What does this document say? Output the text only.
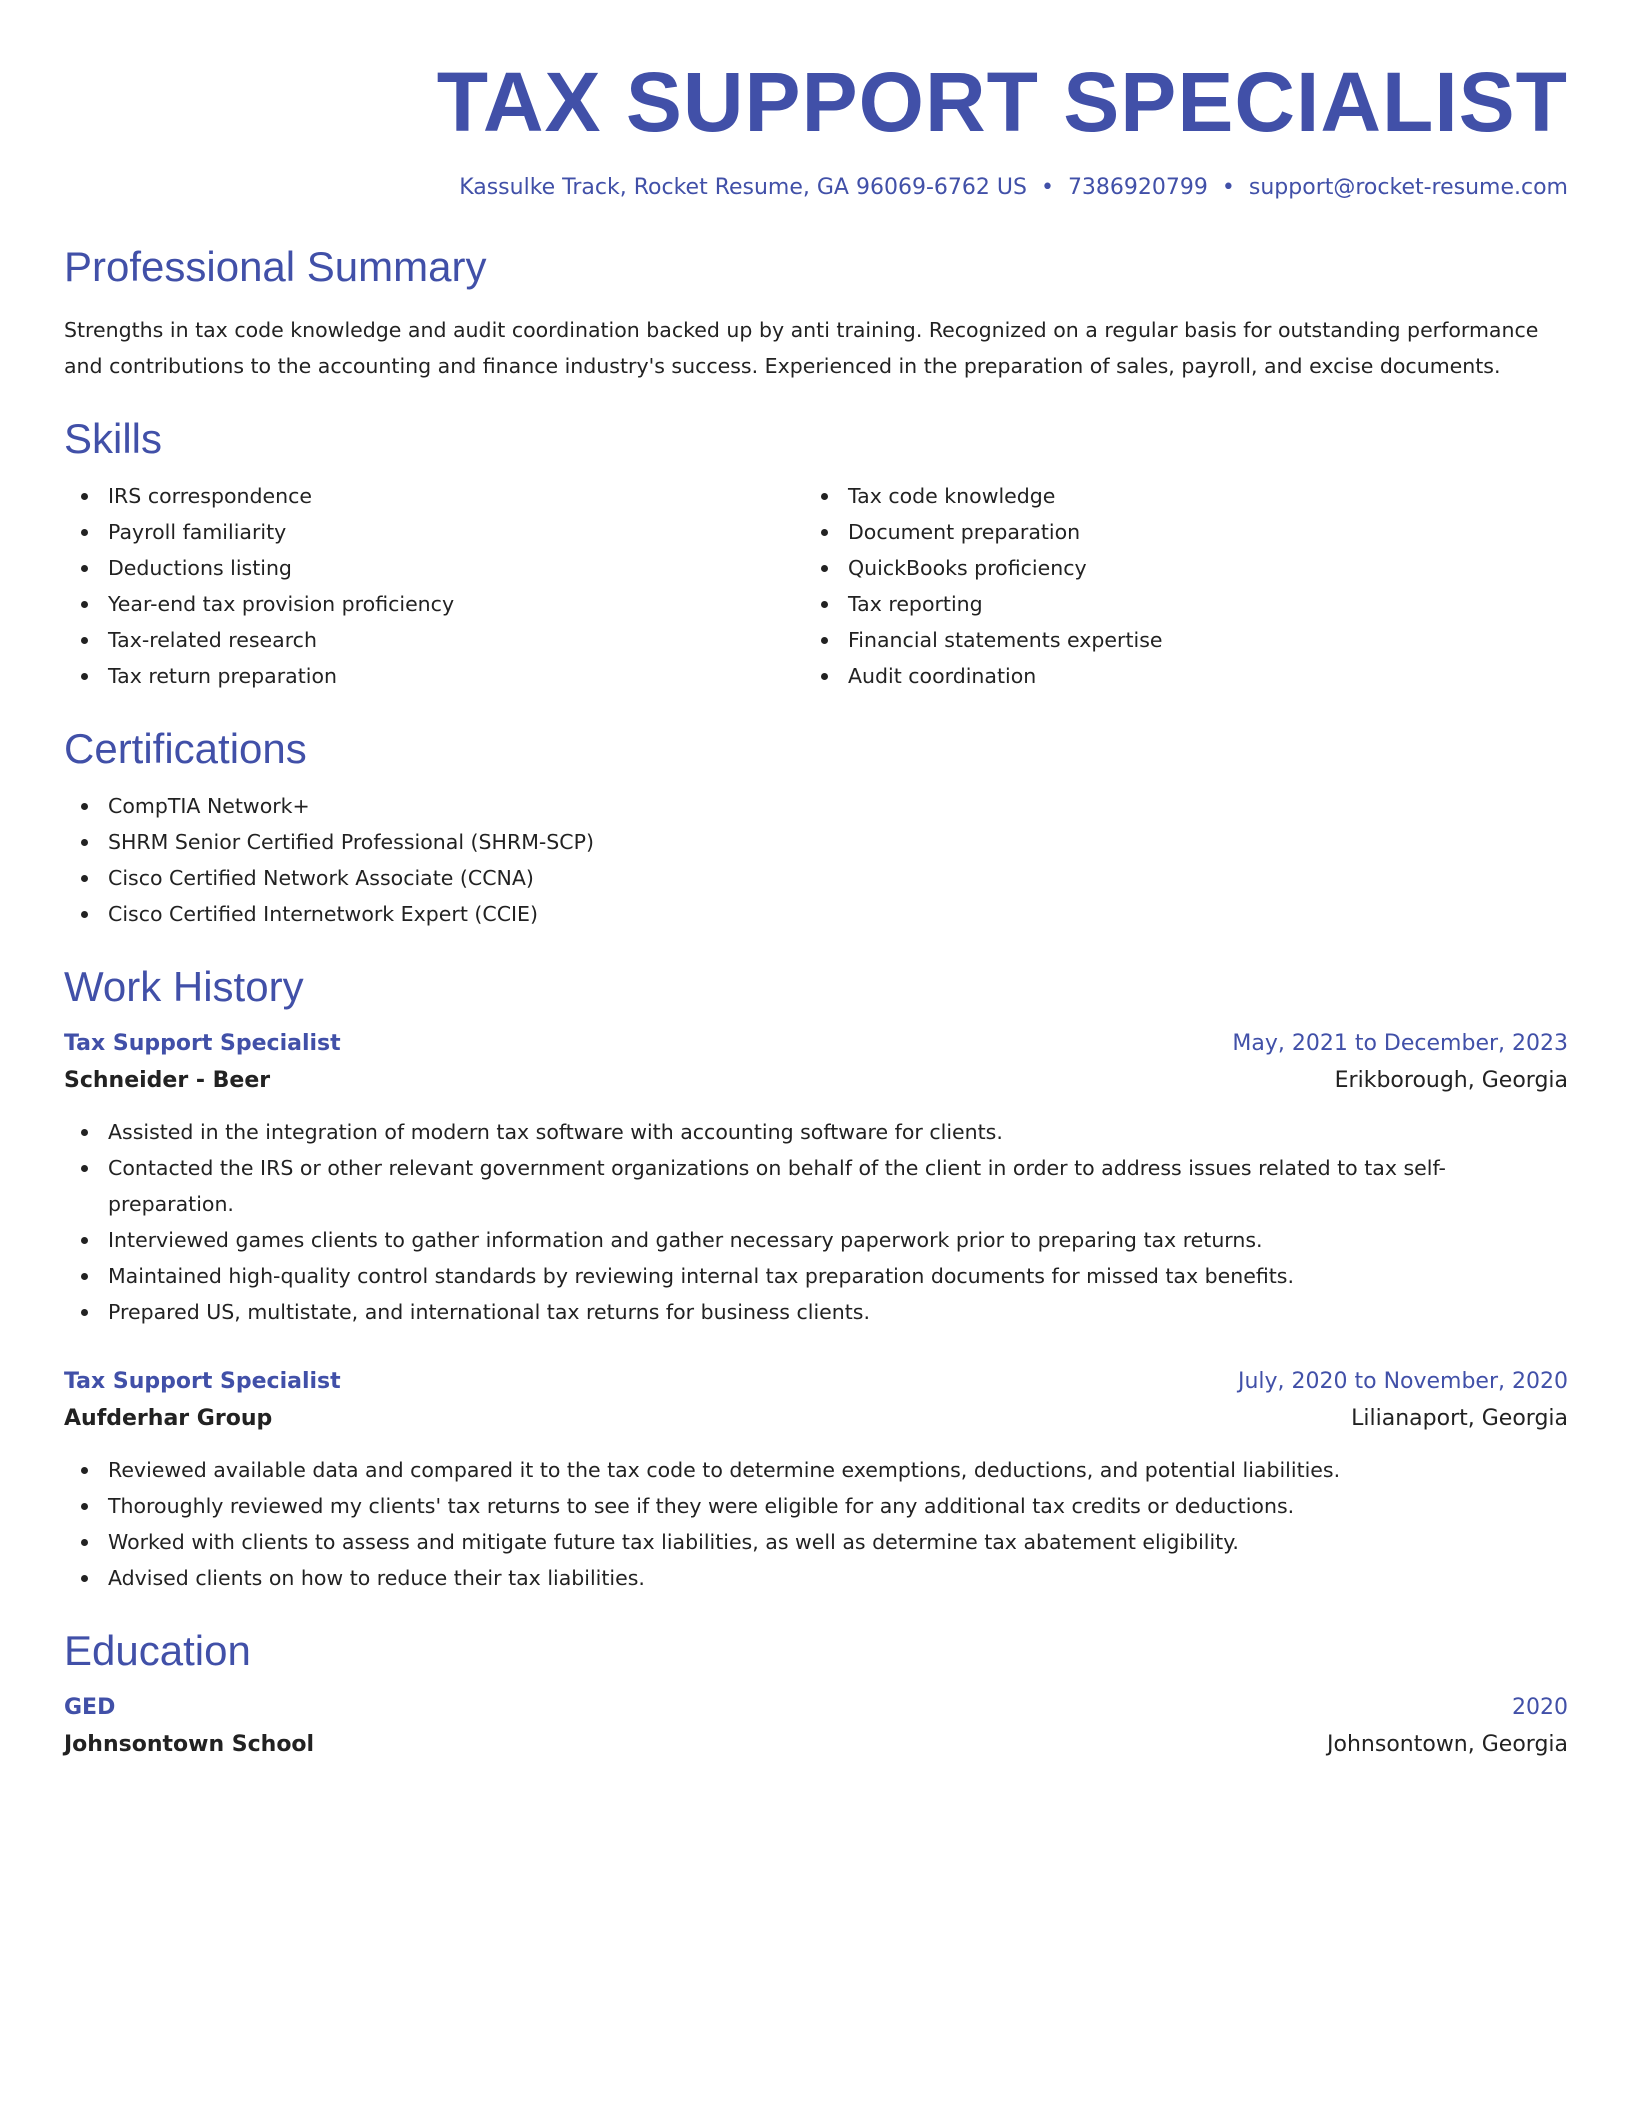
TAX SUPPORT SPECIALIST
Kassulke Track, Rocket Resume, GA 96069-6762 US • 7386920799 • support@rocket-resume.com
Professional Summary

Strengths in tax code knowledge and audit coordination backed up by anti training. Recognized on a regular basis for outstanding performance and contributions to the accounting and finance industry's success. Experienced in the preparation of sales, payroll, and excise documents.

Skills
IRS correspondence
Payroll familiarity
Deductions listing
Year-end tax provision proficiency
Tax-related research
Tax return preparation
Tax code knowledge
Document preparation
QuickBooks proficiency
Tax reporting
Financial statements expertise
Audit coordination
Certifications
CompTIA Network+
SHRM Senior Certified Professional (SHRM-SCP)
Cisco Certified Network Associate (CCNA)
Cisco Certified Internetwork Expert (CCIE)
Work History
Tax Support Specialist	May, 2021 to December, 2023
Schneider - Beer	Erikborough, Georgia
Assisted in the integration of modern tax software with accounting software for clients.
Contacted the IRS or other relevant government organizations on behalf of the client in order to address issues related to tax self-preparation.
Interviewed games clients to gather information and gather necessary paperwork prior to preparing tax returns.
Maintained high-quality control standards by reviewing internal tax preparation documents for missed tax benefits.
Prepared US, multistate, and international tax returns for business clients.
Tax Support Specialist	July, 2020 to November, 2020
Aufderhar Group	Lilianaport, Georgia
Reviewed available data and compared it to the tax code to determine exemptions, deductions, and potential liabilities.
Thoroughly reviewed my clients' tax returns to see if they were eligible for any additional tax credits or deductions.
Worked with clients to assess and mitigate future tax liabilities, as well as determine tax abatement eligibility.
Advised clients on how to reduce their tax liabilities.
Education
GED	2020
Johnsontown School	Johnsontown, Georgia
